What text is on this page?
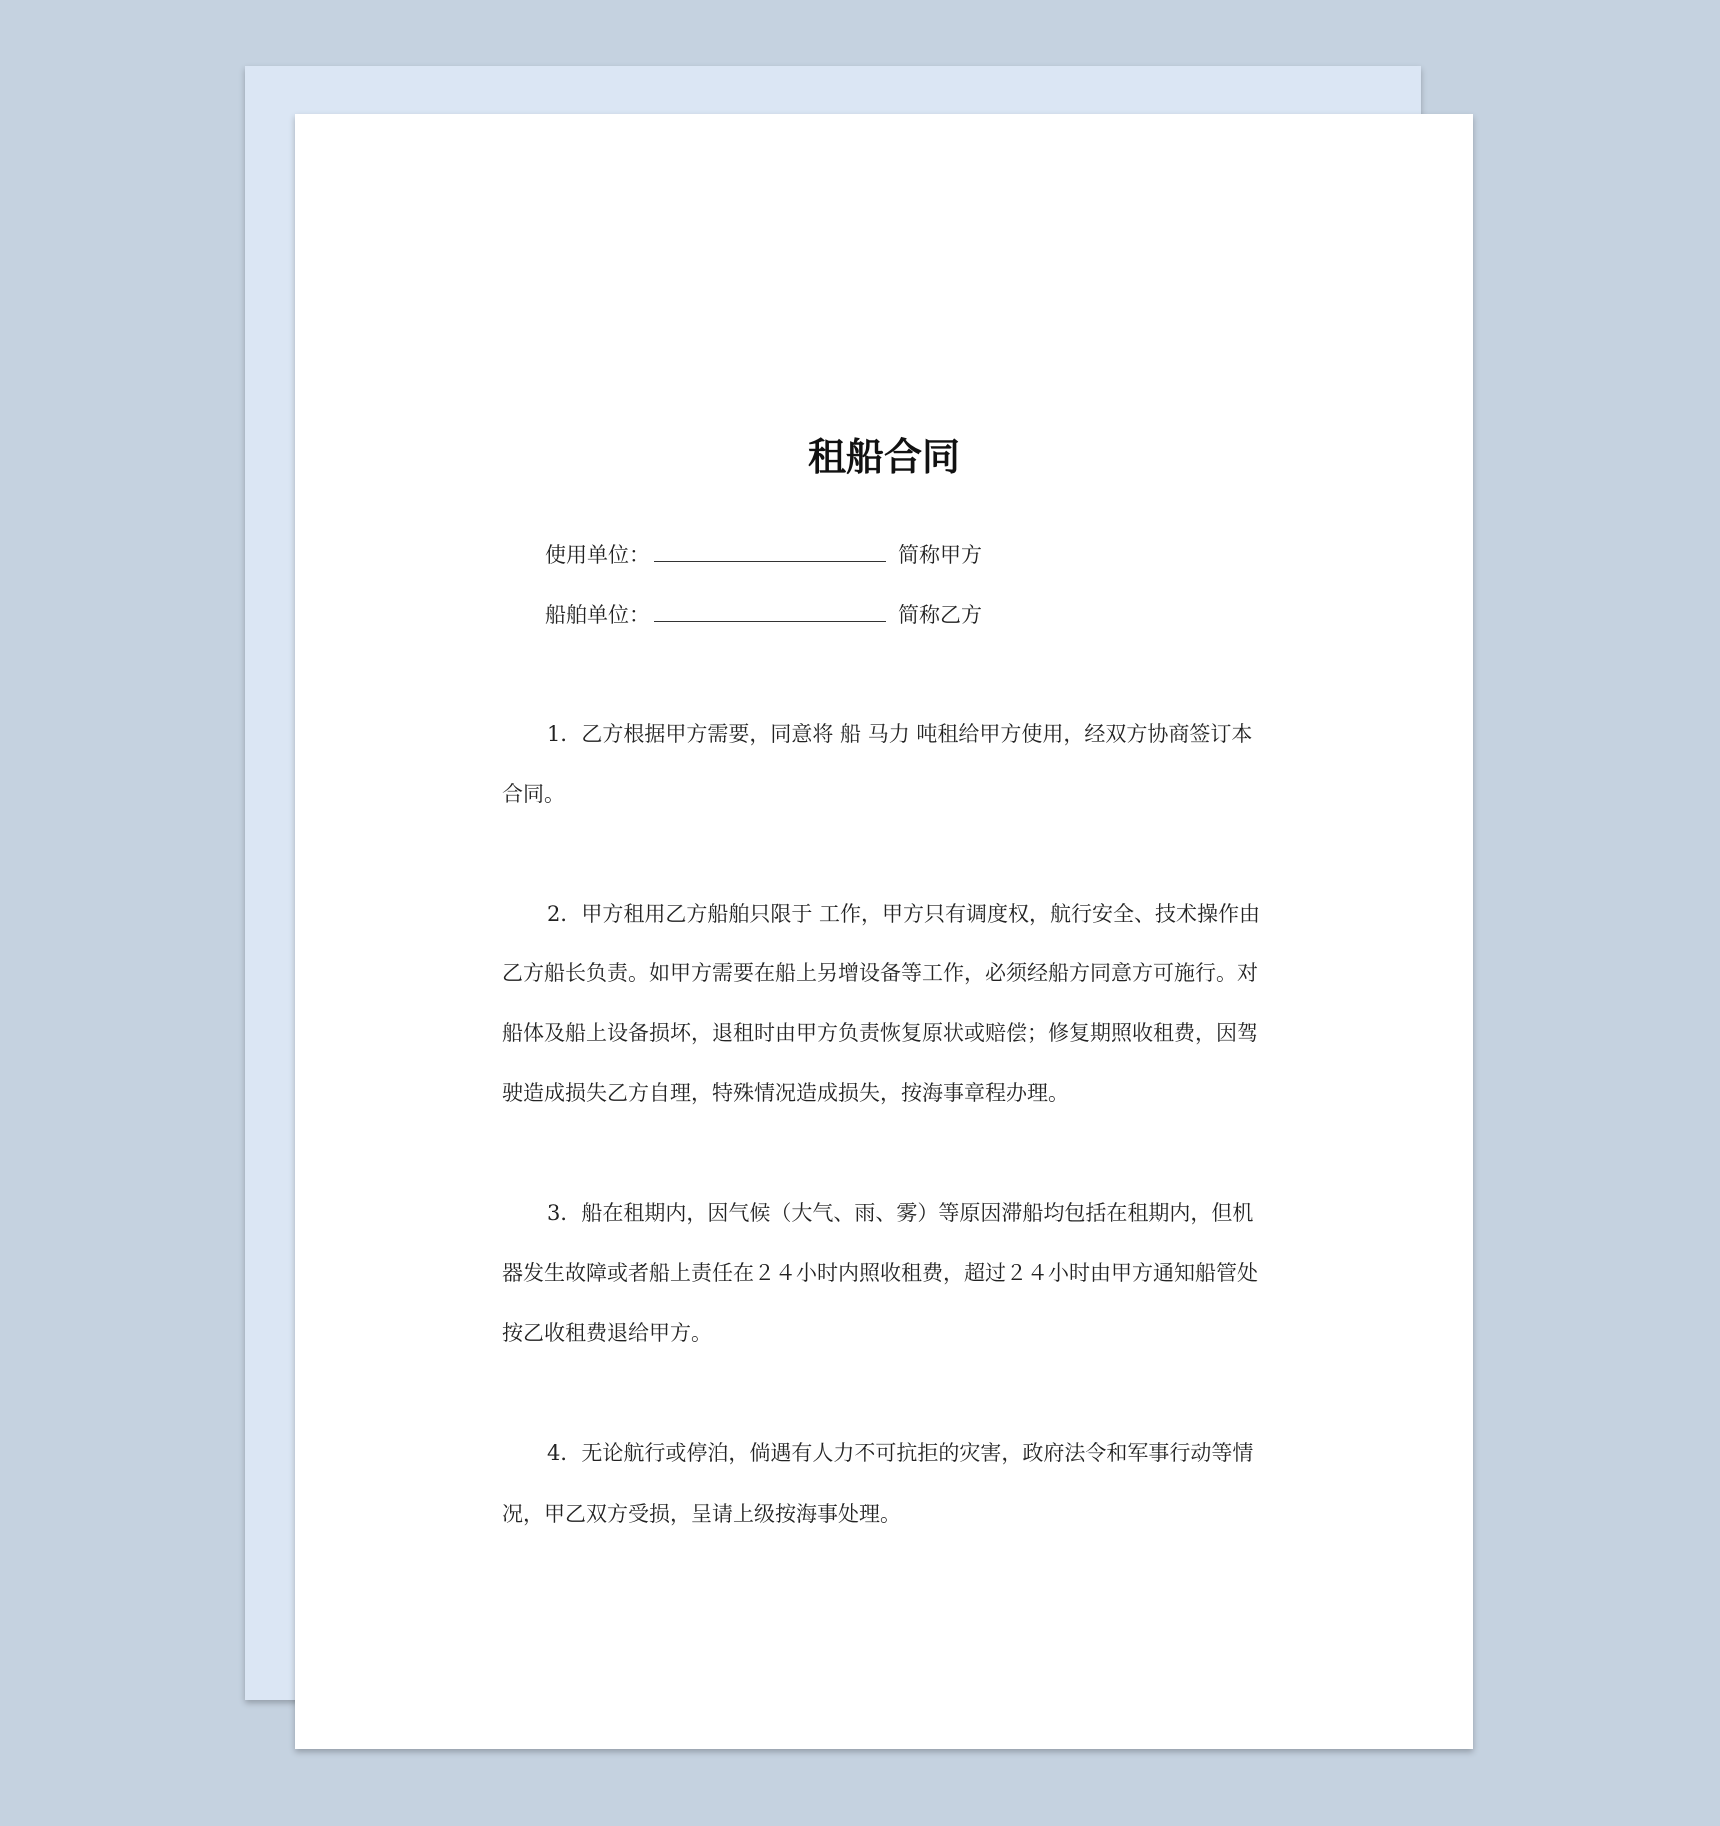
租船合同
使用单位：	简称甲方
船舶单位：	简称乙方
1．乙方根据甲方需要，同意将 船 马力 吨租给甲方使用，经双方协商签订本
合同。
2．甲方租用乙方船舶只限于 工作，甲方只有调度权，航行安全、技术操作由
乙方船长负责。如甲方需要在船上另增设备等工作，必须经船方同意方可施行。对
船体及船上设备损坏，退租时由甲方负责恢复原状或赔偿；修复期照收租费，因驾
驶造成损失乙方自理，特殊情况造成损失，按海事章程办理。
3．船在租期内，因气候（大气、雨、雾）等原因滞船均包括在租期内，但机
器发生故障或者船上责任在２４小时内照收租费，超过２４小时由甲方通知船管处
按乙收租费退给甲方。
4．无论航行或停泊，倘遇有人力不可抗拒的灾害，政府法令和军事行动等情
况，甲乙双方受损，呈请上级按海事处理。
